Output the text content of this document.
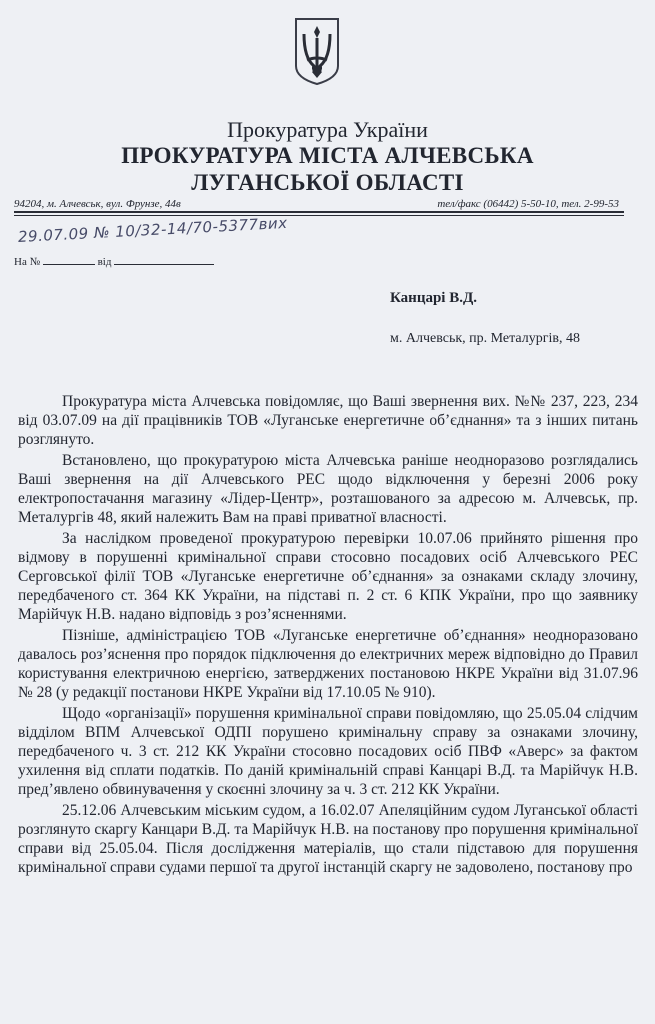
Прокуратура України
ПРОКУРАТУРА МІСТА АЛЧЕВСЬКА
ЛУГАНСЬКОЇ ОБЛАСТІ
94204, м. Алчевськ, вул. Фрунзе, 44в	тел/факс (06442) 5-50-10, тел. 2-99-53
29.07.09 № 10/32-14/70-5377вих
На №	від
Канцарі В.Д.
м. Алчевськ, пр. Металургів, 48

Прокуратура міста Алчевська повідомляє, що Ваші звернення вих. №№ 237, 223, 234 від 03.07.09 на дії працівників ТОВ «Луганське енергетичне об’єднання» та з інших питань розглянуто.

Встановлено, що прокуратурою міста Алчевська раніше неодноразово розглядались Ваші звернення на дії Алчевського РЕС щодо відключення у березні 2006 року електропостачання магазину «Лідер-Центр», розташованого за адресою м. Алчевськ, пр. Металургів 48, який належить Вам на праві приватної власності.

За наслідком проведеної прокуратурою перевірки 10.07.06 прийнято рішення про відмову в порушенні кримінальної справи стосовно посадових осіб Алчевського РЕС Серговської філії ТОВ «Луганське енергетичне об’єднання» за ознаками складу злочину, передбаченого ст. 364 КК України, на підставі п. 2 ст. 6 КПК України, про що заявнику Марійчук Н.В. надано відповідь з роз’ясненнями.

Пізніше, адміністрацією ТОВ «Луганське енергетичне об’єднання» неодноразовано давалось роз’яснення про порядок підключення до електричних мереж відповідно до Правил користування електричною енергією, затверджених постановою НКРЕ України від 31.07.96 № 28 (у редакції постанови НКРЕ України від 17.10.05 № 910).

Щодо «організації» порушення кримінальної справи повідомляю, що 25.05.04 слідчим відділом ВПМ Алчевської ОДПІ порушено кримінальну справу за ознаками злочину, передбаченого ч. 3 ст. 212 КК України стосовно посадових осіб ПВФ «Аверс» за фактом ухилення від сплати податків. По даній кримінальній справі Канцарі В.Д. та Марійчук Н.В. пред’явлено обвинувачення у скоєнні злочину за ч. 3 ст. 212 КК України.

25.12.06 Алчевським міським судом, а 16.02.07 Апеляційним судом Луганської області розглянуто скаргу Канцари В.Д. та Марійчук Н.В. на постанову про порушення кримінальної справи від 25.05.04. Після дослідження матеріалів, що стали підставою для порушення кримінальної справи судами першої та другої інстанцій скаргу не задоволено, постанову про
